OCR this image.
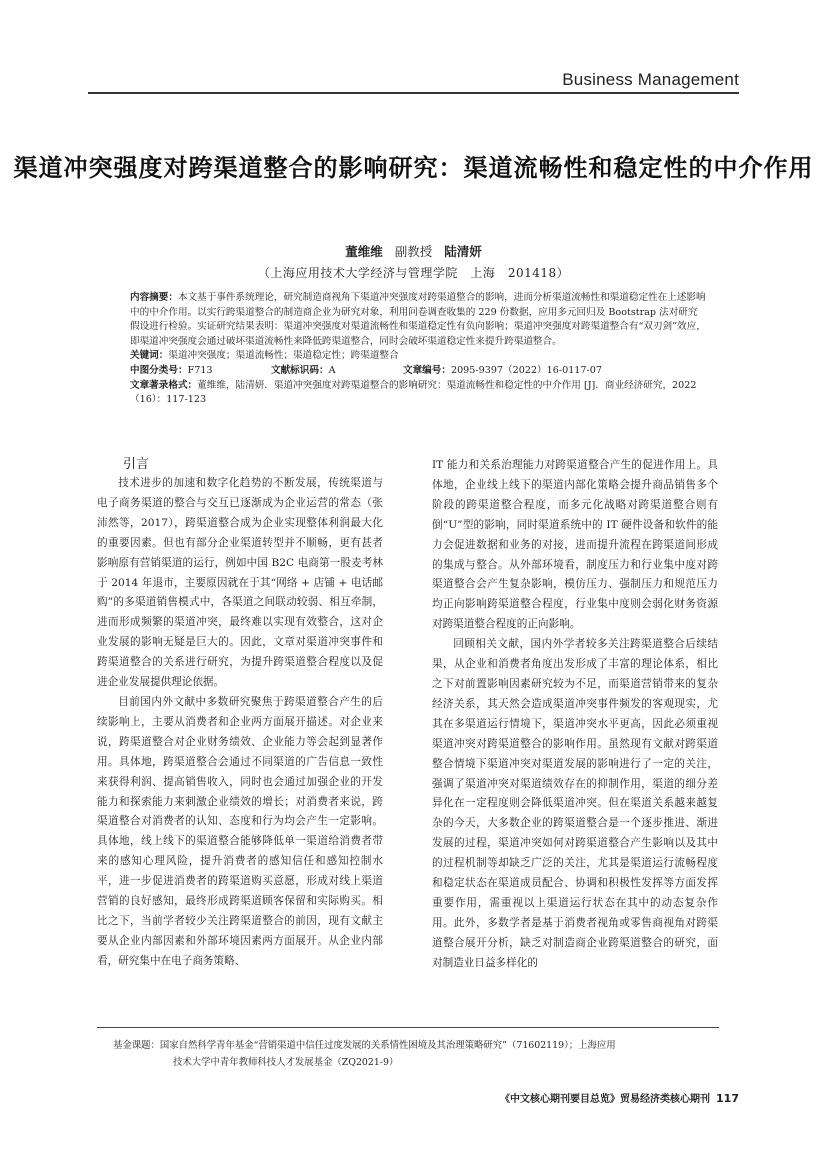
Business Management
渠道冲突强度对跨渠道整合的影响研究：渠道流畅性和稳定性的中介作用
董维维 副教授 陆清妍
（上海应用技术大学经济与管理学院　上海　201418）

内容摘要：本文基于事件系统理论，研究制造商视角下渠道冲突强度对跨渠道整合的影响，进而分析渠道流畅性和渠道稳定性在上述影响中的中介作用。以实行跨渠道整合的制造商企业为研究对象，利用问卷调查收集的 229 份数据，应用多元回归及 Bootstrap 法对研究假设进行检验。实证研究结果表明：渠道冲突强度对渠道流畅性和渠道稳定性有负向影响；渠道冲突强度对跨渠道整合有“双刃剑”效应，即渠道冲突强度会通过破坏渠道流畅性来降低跨渠道整合，同时会破坏渠道稳定性来提升跨渠道整合。

关键词：渠道冲突强度；渠道流畅性；渠道稳定性；跨渠道整合

中图分类号：F713	文献标识码：A	文章编号：2095-9397（2022）16-0117-07

文章著录格式：董维维，陆清妍．渠道冲突强度对跨渠道整合的影响研究：渠道流畅性和稳定性的中介作用 [J]．商业经济研究，2022（16）：117-123

引言

技术进步的加速和数字化趋势的不断发展，传统渠道与电子商务渠道的整合与交互已逐渐成为企业运营的常态（张沛然等，2017），跨渠道整合成为企业实现整体利润最大化的重要因素。但也有部分企业渠道转型并不顺畅，更有甚者影响原有营销渠道的运行，例如中国 B2C 电商第一股麦考林于 2014 年退市，主要原因就在于其“网络 + 店铺 + 电话邮购”的多渠道销售模式中，各渠道之间联动较弱、相互牵制，进而形成频繁的渠道冲突，最终难以实现有效整合，这对企业发展的影响无疑是巨大的。因此，文章对渠道冲突事件和跨渠道整合的关系进行研究，为提升跨渠道整合程度以及促进企业发展提供理论依据。

目前国内外文献中多数研究聚焦于跨渠道整合产生的后续影响上，主要从消费者和企业两方面展开描述。对企业来说，跨渠道整合对企业财务绩效、企业能力等会起到显著作用。具体地，跨渠道整合会通过不同渠道的广告信息一致性来获得利润、提高销售收入，同时也会通过加强企业的开发能力和探索能力来刺激企业绩效的增长；对消费者来说，跨渠道整合对消费者的认知、态度和行为均会产生一定影响。具体地，线上线下的渠道整合能够降低单一渠道给消费者带来的感知心理风险，提升消费者的感知信任和感知控制水平，进一步促进消费者的跨渠道购买意愿，形成对线上渠道营销的良好感知，最终形成跨渠道顾客保留和实际购买。相比之下，当前学者较少关注跨渠道整合的前因，现有文献主要从企业内部因素和外部环境因素两方面展开。从企业内部看，研究集中在电子商务策略、

IT 能力和关系治理能力对跨渠道整合产生的促进作用上。具体地，企业线上线下的渠道内部化策略会提升商品销售多个阶段的跨渠道整合程度，而多元化战略对跨渠道整合则有倒“U”型的影响，同时渠道系统中的 IT 硬件设备和软件的能力会促进数据和业务的对接，进而提升流程在跨渠道间形成的集成与整合。从外部环境看，制度压力和行业集中度对跨渠道整合会产生复杂影响，模仿压力、强制压力和规范压力均正向影响跨渠道整合程度，行业集中度则会弱化财务资源对跨渠道整合程度的正向影响。

回顾相关文献，国内外学者较多关注跨渠道整合后续结果，从企业和消费者角度出发形成了丰富的理论体系，相比之下对前置影响因素研究较为不足，而渠道营销带来的复杂经济关系，其天然会造成渠道冲突事件频发的客观现实，尤其在多渠道运行情境下，渠道冲突水平更高，因此必须重视渠道冲突对跨渠道整合的影响作用。虽然现有文献对跨渠道整合情境下渠道冲突对渠道发展的影响进行了一定的关注，强调了渠道冲突对渠道绩效存在的抑制作用，渠道的细分差异化在一定程度则会降低渠道冲突。但在渠道关系越来越复杂的今天，大多数企业的跨渠道整合是一个逐步推进、渐进发展的过程，渠道冲突如何对跨渠道整合产生影响以及其中的过程机制等却缺乏广泛的关注，尤其是渠道运行流畅程度和稳定状态在渠道成员配合、协调和积极性发挥等方面发挥重要作用，需重视以上渠道运行状态在其中的动态复杂作用。此外，多数学者是基于消费者视角或零售商视角对跨渠道整合展开分析，缺乏对制造商企业跨渠道整合的研究，面对制造业日益多样化的

基金课题：国家自然科学青年基金“营销渠道中信任过度发展的关系情性困境及其治理策略研究”（71602119）；上海应用
技术大学中青年教师科技人才发展基金（ZQ2021-9）
《中文核心期刊要目总览》贸易经济类核心期刊 117
